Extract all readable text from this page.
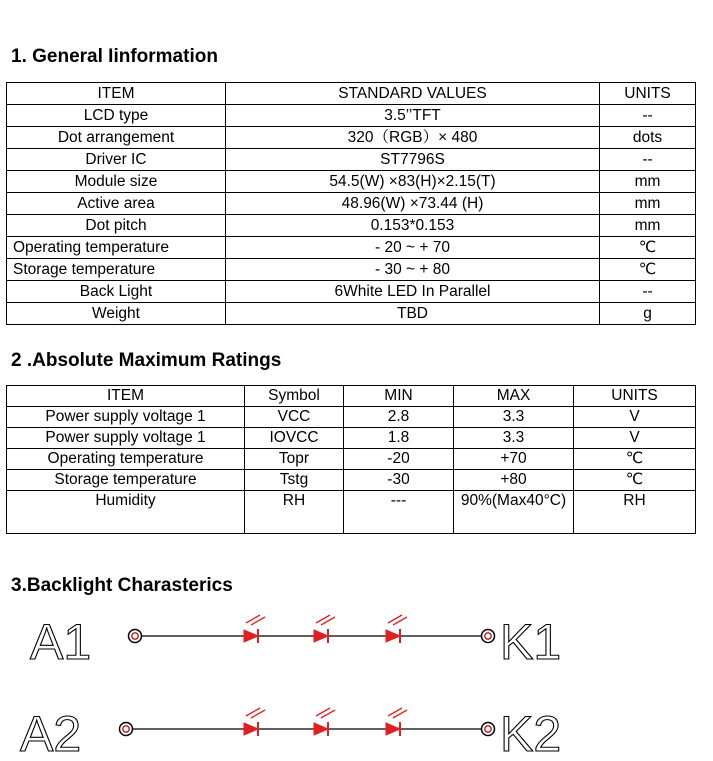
1. General Iinformation
ITEM	STANDARD VALUES	UNITS
LCD type	3.5’’TFT	--
Dot arrangement	320（RGB）× 480	dots
Driver IC	ST7796S	--
Module size	54.5(W) ×83(H)×2.15(T)	mm
Active area	48.96(W) ×73.44 (H)	mm
Dot pitch	0.153*0.153	mm
Operating temperature	- 20 ~ + 70	℃
Storage temperature	- 30 ~ + 80	℃
Back Light	6White LED In Parallel	--
Weight	TBD	g
2 .Absolute Maximum Ratings
ITEM	Symbol	MIN	MAX	UNITS
Power supply voltage 1	VCC	2.8	3.3	V
Power supply voltage 1	IOVCC	1.8	3.3	V
Operating temperature	Topr	-20	+70	℃
Storage temperature	Tstg	-30	+80	℃
Humidity	RH	---	90%(Max40°C)	RH
3.Backlight Charasterics
A1	K1
A2	K2
